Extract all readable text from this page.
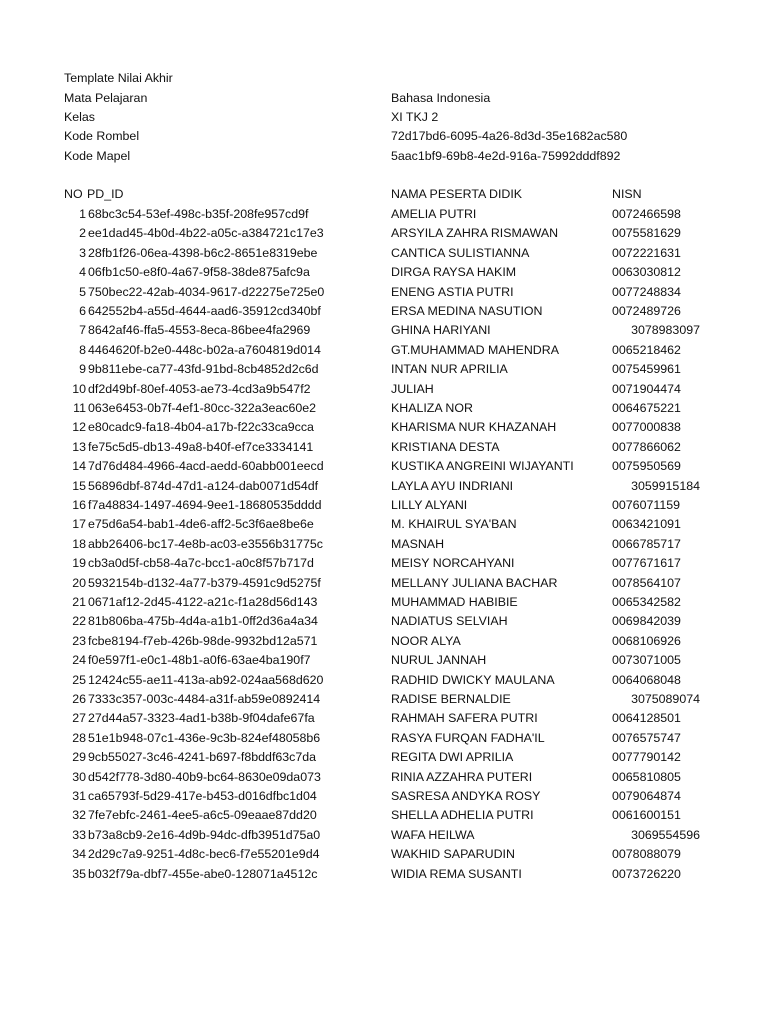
Template Nilai Akhir
Mata Pelajaran	Bahasa Indonesia
Kelas	XI TKJ 2
Kode Rombel	72d17bd6-6095-4a26-8d3d-35e1682ac580
Kode Mapel	5aac1bf9-69b8-4e2d-916a-75992dddf892
NO PD_ID	NAMA PESERTA DIDIK	NISN
1 68bc3c54-53ef-498c-b35f-208fe957cd9f	AMELIA PUTRI	0072466598
2 ee1dad45-4b0d-4b22-a05c-a384721c17e3	ARSYILA ZAHRA RISMAWAN	0075581629
3 28fb1f26-06ea-4398-b6c2-8651e8319ebe	CANTICA SULISTIANNA	0072221631
4 06fb1c50-e8f0-4a67-9f58-38de875afc9a	DIRGA RAYSA HAKIM	0063030812
5 750bec22-42ab-4034-9617-d22275e725e0	ENENG ASTIA PUTRI	0077248834
6 642552b4-a55d-4644-aad6-35912cd340bf	ERSA MEDINA NASUTION	0072489726
7 8642af46-ffa5-4553-8eca-86bee4fa2969	GHINA HARIYANI	3078983097
8 4464620f-b2e0-448c-b02a-a7604819d014	GT.MUHAMMAD MAHENDRA	0065218462
9 9b811ebe-ca77-43fd-91bd-8cb4852d2c6d	INTAN NUR APRILIA	0075459961
10 df2d49bf-80ef-4053-ae73-4cd3a9b547f2	JULIAH	0071904474
11 063e6453-0b7f-4ef1-80cc-322a3eac60e2	KHALIZA NOR	0064675221
12 e80cadc9-fa18-4b04-a17b-f22c33ca9cca	KHARISMA NUR KHAZANAH	0077000838
13 fe75c5d5-db13-49a8-b40f-ef7ce3334141	KRISTIANA DESTA	0077866062
14 7d76d484-4966-4acd-aedd-60abb001eecd	KUSTIKA ANGREINI WIJAYANTI	0075950569
15 56896dbf-874d-47d1-a124-dab0071d54df	LAYLA AYU INDRIANI	3059915184
16 f7a48834-1497-4694-9ee1-18680535dddd	LILLY ALYANI	0076071159
17 e75d6a54-bab1-4de6-aff2-5c3f6ae8be6e	M. KHAIRUL SYA'BAN	0063421091
18 abb26406-bc17-4e8b-ac03-e3556b31775c	MASNAH	0066785717
19 cb3a0d5f-cb58-4a7c-bcc1-a0c8f57b717d	MEISY NORCAHYANI	0077671617
20 5932154b-d132-4a77-b379-4591c9d5275f	MELLANY JULIANA BACHAR	0078564107
21 0671af12-2d45-4122-a21c-f1a28d56d143	MUHAMMAD HABIBIE	0065342582
22 81b806ba-475b-4d4a-a1b1-0ff2d36a4a34	NADIATUS SELVIAH	0069842039
23 fcbe8194-f7eb-426b-98de-9932bd12a571	NOOR ALYA	0068106926
24 f0e597f1-e0c1-48b1-a0f6-63ae4ba190f7	NURUL JANNAH	0073071005
25 12424c55-ae11-413a-ab92-024aa568d620	RADHID DWICKY MAULANA	0064068048
26 7333c357-003c-4484-a31f-ab59e0892414	RADISE BERNALDIE	3075089074
27 27d44a57-3323-4ad1-b38b-9f04dafe67fa	RAHMAH SAFERA PUTRI	0064128501
28 51e1b948-07c1-436e-9c3b-824ef48058b6	RASYA FURQAN FADHA'IL	0076575747
29 9cb55027-3c46-4241-b697-f8bddf63c7da	REGITA DWI APRILIA	0077790142
30 d542f778-3d80-40b9-bc64-8630e09da073	RINIA AZZAHRA PUTERI	0065810805
31 ca65793f-5d29-417e-b453-d016dfbc1d04	SASRESA ANDYKA ROSY	0079064874
32 7fe7ebfc-2461-4ee5-a6c5-09eaae87dd20	SHELLA ADHELIA PUTRI	0061600151
33 b73a8cb9-2e16-4d9b-94dc-dfb3951d75a0	WAFA HEILWA	3069554596
34 2d29c7a9-9251-4d8c-bec6-f7e55201e9d4	WAKHID SAPARUDIN	0078088079
35 b032f79a-dbf7-455e-abe0-128071a4512c	WIDIA REMA SUSANTI	0073726220
